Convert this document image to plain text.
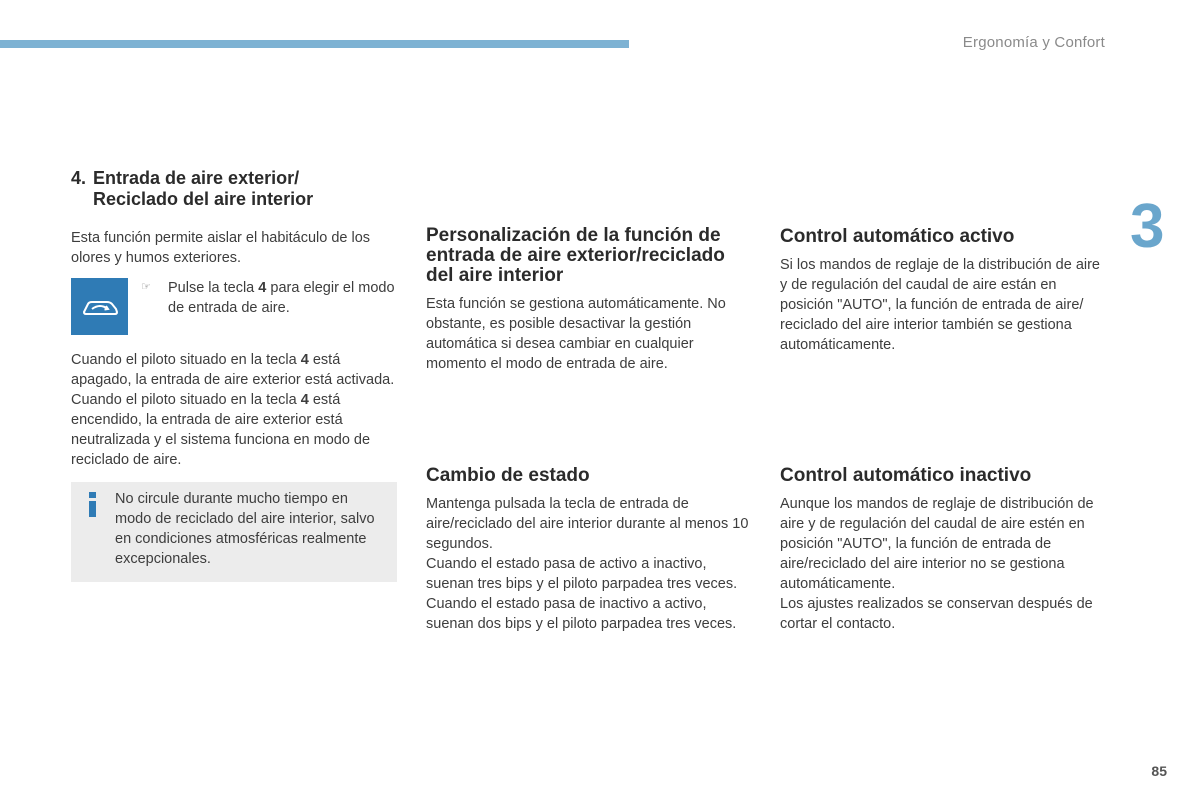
Ergonomía y Confort
3
4. Entrada de aire exterior/
Reciclado del aire interior

Esta función permite aislar el habitáculo de los olores y humos exteriores.

☞ Pulse la tecla 4 para elegir el modo de entrada de aire.

Cuando el piloto situado en la tecla 4 está apagado, la entrada de aire exterior está activada.

Cuando el piloto situado en la tecla 4 está encendido, la entrada de aire exterior está neutralizada y el sistema funciona en modo de reciclado de aire.

No circule durante mucho tiempo en modo de reciclado del aire interior, salvo en condiciones atmosféricas realmente excepcionales.

Personalización de la función de entrada de aire exterior/reciclado del aire interior

Esta función se gestiona automáticamente. No obstante, es posible desactivar la gestión automática si desea cambiar en cualquier momento el modo de entrada de aire.

Control automático activo

Si los mandos de reglaje de la distribución de aire y de regulación del caudal de aire están en posición "AUTO", la función de entrada de aire/ reciclado del aire interior también se gestiona automáticamente.

Cambio de estado

Mantenga pulsada la tecla de entrada de aire/reciclado del aire interior durante al menos 10 segundos.

Cuando el estado pasa de activo a inactivo, suenan tres bips y el piloto parpadea tres veces.

Cuando el estado pasa de inactivo a activo, suenan dos bips y el piloto parpadea tres veces.

Control automático inactivo

Aunque los mandos de reglaje de distribución de aire y de regulación del caudal de aire estén en posición "AUTO", la función de entrada de aire/reciclado del aire interior no se gestiona automáticamente.

Los ajustes realizados se conservan después de cortar el contacto.

85
